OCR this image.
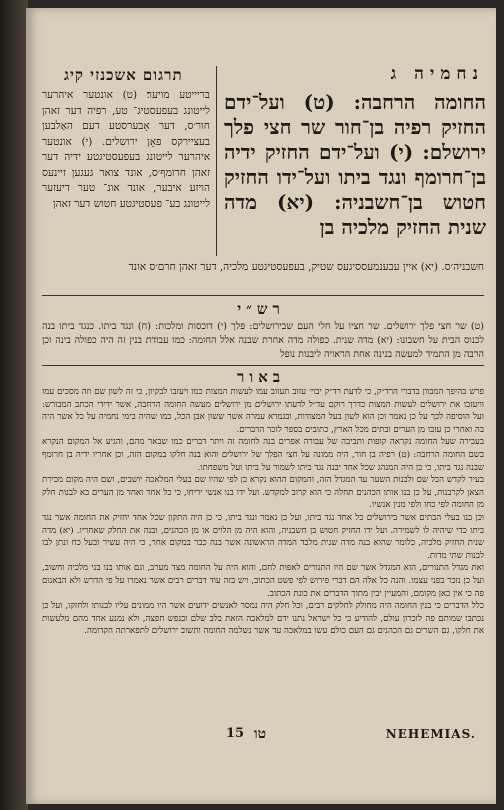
נחמיה ג
תרגום אשכנזי קיג

החומה הרחבה: (ט) ועל־ידם החזיק רפיה בן־חור שר חצי פלך ירושלם: (י) ועל־ידם החזיק ידיה בן־חרומף ונגד ביתו ועל־ידו החזיק חטוש בן־חשבניה: (יא) מדה שנית החזיק מלכיה בן

בריייטע מויער׃ (ט) אונטער איהרער לייטונג בעפעסטיג־ טע, רפיה דער זאהן חור׳ס, דער אָבערסטע דעם האַלבען בעציירקס פאָן ירושלים. (י) אונטער איהרער לייטונג בעפעסטיגטע ידיה דער זאהן חרומף׳ס, אונד צואר געגען זיינעס הויזע איבער, אונד אונ־ טער דיעזער לייטונג בע־ פעסטיגטע חטוש דער זאהן

חשבניה׳ס. (יא) איין עבענמעססיגעס שטיק, בעפעסטיגטע מלכיה, דער זאהן חרם׳ס אונד
רש״י

(ט) שר חצי פלך ירושלים. שר חציו על חלי העם שבירושלים: פלך (י) דוכסות ומלכות: (ח) ונגד ביתו. כנגד ביתו בנה לכנוס הבית על חשבונו: (יא) מדה שנית. כפולה מדה אחרת שבנה אלל החומה: כמו עבודת בנין זה היה כפולה בינה וכן הרבה מן התמיד למעשה בנינה אחת הראויה ליבנות נופל

באור

פרש בהיפך המבוון בדברי הרד״ק, כי לדעת רד״ק יבוי׳ עזוב תעזוב עמו לעשות המצות כמו ויעזבו לבקיון, כי זה לשון שם וזה מסכים עמו וויעזבו את ירושלים לעשות המצות כדרך רוקם עד״ל לדעתו ירושלים מן ירושלים מעשה החומה הרחבה, אשר ידידי הכתב המבורש: ועל הוסיפה לכך על כן נאמר וכן הוא לשון בעל המצודות, ובגמרא עמרה אשר ששון אבן הכל, כמו שהיה בימי נחמיה על כל אשר היה בה ואחרי כן עזבו מן הערים ובתים מכל הארץ, כתובים בספר לזכר הדברים.

בעבירה שעל החומה נקראה קופות ותביבה של עבורה אפרים בנה לחומה זה ויתר דברים כמו שבאר מהם, והגיע אל המקום הנקרא בשם החומה הרחבה: (ט) רפיה בן חור, היה ממונה על חצי הפלך של ירושלים והוא בנה חלקו במקום הזה, וכן אחריו ידיה בן חרומף שבנה נגד ביתו, כי כן היה המנהג שכל אחד יבנה נגד ביתו לשמור על ביתו ועל משפחתו.

בעיר לקדש הכל שם ולבנות השער עד המגדל הזה, והמקום ההוא נקרא כן לפי שהיו שם בעלי המלאכה יושבים, ושם היה מקום מכירת הצאן לקרבנות, על כן בנו אותו הכהנים תחלה כי הוא קרוב למקדש. ועל ידו בנו אנשי יריחו, כי כל אחד ואחד מן הערים בא לבנות חלק מן החומה לפי כחו ולפי מנין אנשיו.

וכן בנו בעלי הבתים אשר בירושלים כל אחד נגד ביתו, ועל כן נאמר ונגד ביתו, כי כן היה התקון שכל אחד יחזיק את החומה אשר נגד ביתו כדי שיהיה לו לשמירה. ועל ידו החזיק חטוש בן חשבניה, והוא היה מן הלוים או מן הכהנים, ובנה את החלק שאחריו. (יא) מדה שנית החזיק מלכיה, כלומר שהוא בנה מדה שנית מלבד המדה הראשונה אשר בנה כבר במקום אחר, כי היה עשיר ובעל כח ונתן לבו לבנות שתי מדות.

ואת מגדל התנורים, הוא המגדל אשר שם היו התנורים לאפות לחם, והוא היה על החומה מצד מערב, וגם אותו בנו בני מלכיה וחשוב, ועל כן נזכר בפני עצמו. והנה כל אלה הם דברי פירוש לפי פשט הכתוב, ויש בזה עוד דברים רבים אשר נאמרו על פי הדרש ולא הבאנום פה כי אין כאן מקומם, והמעיין יבין מתוך הדברים את כונת הכתוב.

כלל הדברים כי בנין החומה היה מחולק לחלקים רבים, וכל חלק היה נמסר לאנשים ידועים אשר היו ממונים עליו לבנותו ולחזקו, ועל כן נכתבו שמותם פה לזכרון עולם, להודיע כי כל ישראל נתנו ידם למלאכה הזאת בלב שלם ובנפש חפצה, ולא נמנע אחד מהם מלעשות את חלקו, גם השרים גם הכהנים גם העם כולם עשו במלאכה עד אשר נשלמה החומה ותשוב ירושלים לתפארתה הקדומה.

15 טו	NEHEMIAS.
